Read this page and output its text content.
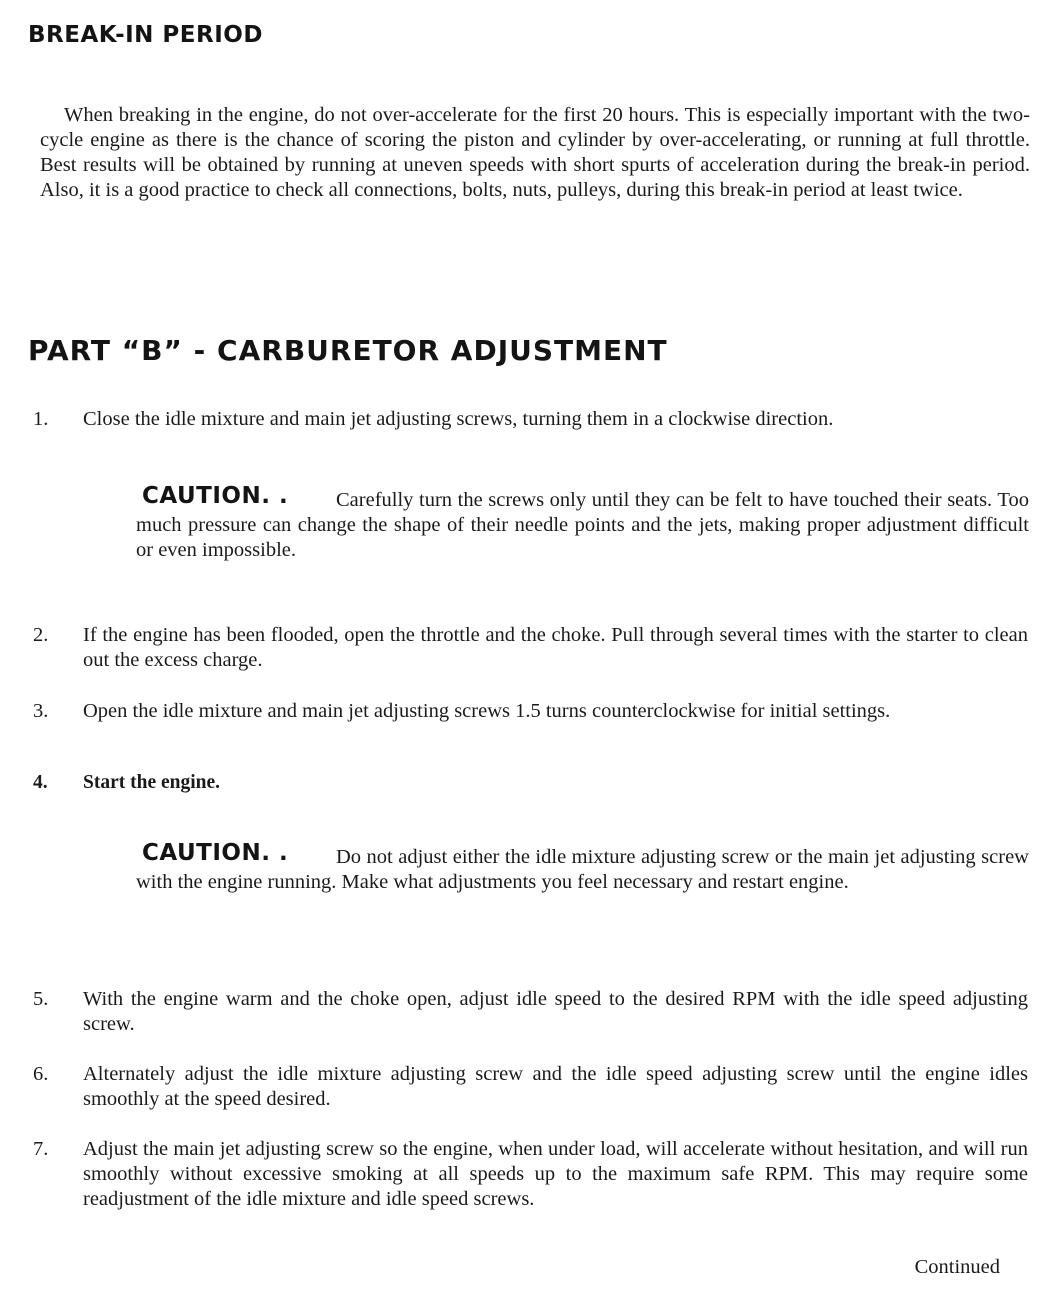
BREAK-IN PERIOD

When breaking in the engine, do not over-accelerate for the first 20 hours. This is especially important with the two-cycle engine as there is the chance of scoring the piston and cylinder by over-accelerating, or running at full throttle. Best results will be obtained by running at uneven speeds with short spurts of acceleration during the break-in period. Also, it is a good practice to check all connections, bolts, nuts, pulleys, during this break-in period at least twice.

PART “B” - CARBURETOR ADJUSTMENT
1. Close the idle mixture and main jet adjusting screws, turning them in a clockwise direction.
CAUTION. .	Carefully turn the screws only until they can be felt to have touched their seats. Too much pressure can change the shape of their needle points and the jets, making proper adjustment difficult or even impossible.
2. If the engine has been flooded, open the throttle and the choke. Pull through several times with the starter to clean out the excess charge.
3. Open the idle mixture and main jet adjusting screws 1.5 turns counterclockwise for initial settings.
4. Start the engine.
CAUTION. .	Do not adjust either the idle mixture adjusting screw or the main jet adjusting screw with the engine running. Make what adjustments you feel necessary and restart engine.
5. With the engine warm and the choke open, adjust idle speed to the desired RPM with the idle speed adjusting screw.
6. Alternately adjust the idle mixture adjusting screw and the idle speed adjusting screw until the engine idles smoothly at the speed desired.
7. Adjust the main jet adjusting screw so the engine, when under load, will accelerate without hesitation, and will run smoothly without excessive smoking at all speeds up to the maximum safe RPM. This may require some readjustment of the idle mixture and idle speed screws.
Continued
